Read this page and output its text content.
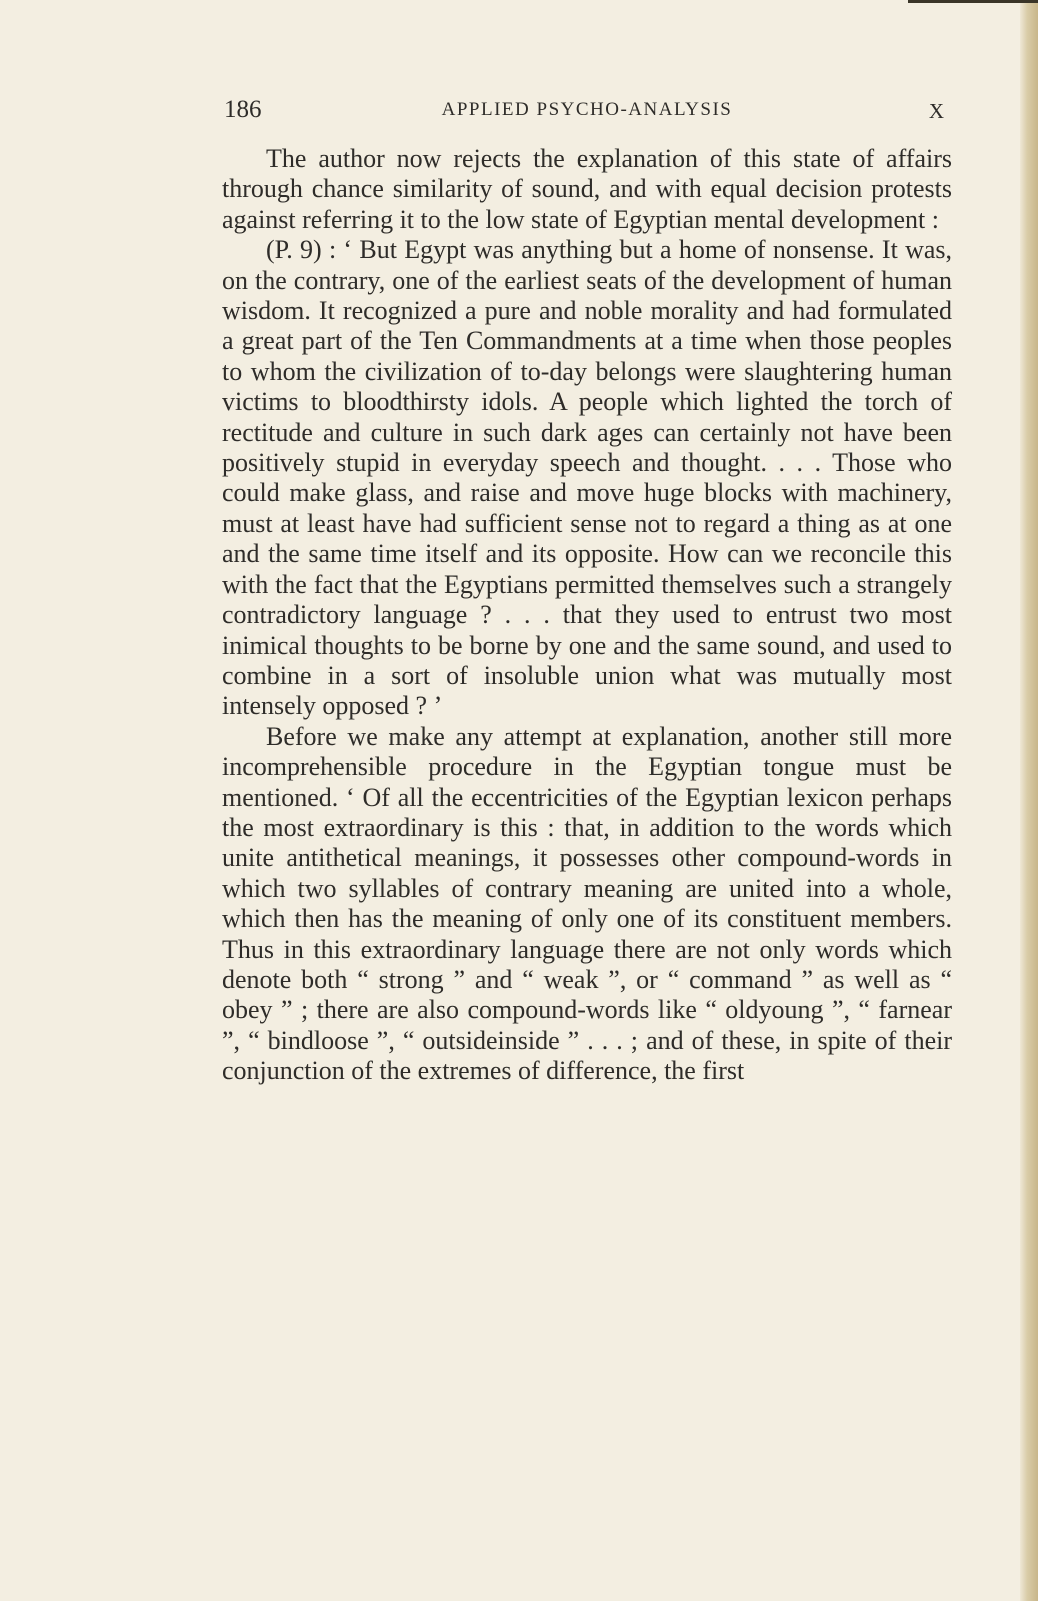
186	APPLIED PSYCHO-ANALYSIS	X

The author now rejects the explanation of this state of affairs through chance similarity of sound, and with equal decision protests against referring it to the low state of Egyptian mental development :

(P. 9) : ‘ But Egypt was anything but a home of nonsense. It was, on the contrary, one of the earliest seats of the development of human wisdom. It recognized a pure and noble morality and had formulated a great part of the Ten Commandments at a time when those peoples to whom the civilization of to-day belongs were slaughtering human victims to bloodthirsty idols. A people which lighted the torch of rectitude and culture in such dark ages can certainly not have been positively stupid in everyday speech and thought. . . . Those who could make glass, and raise and move huge blocks with machinery, must at least have had sufficient sense not to regard a thing as at one and the same time itself and its opposite. How can we reconcile this with the fact that the Egyptians permitted themselves such a strangely contradictory language ? . . . that they used to entrust two most inimical thoughts to be borne by one and the same sound, and used to combine in a sort of insoluble union what was mutually most intensely opposed ? ’

Before we make any attempt at explanation, another still more incomprehensible procedure in the Egyptian tongue must be mentioned. ‘ Of all the eccentricities of the Egyptian lexicon perhaps the most extraordinary is this : that, in addition to the words which unite antithetical meanings, it possesses other compound-words in which two syllables of contrary meaning are united into a whole, which then has the meaning of only one of its constituent members. Thus in this extraordinary language there are not only words which denote both “ strong ” and “ weak ”, or “ command ” as well as “ obey ” ; there are also compound-words like “ oldyoung ”, “ farnear ”, “ bindloose ”, “ outsideinside ” . . . ; and of these, in spite of their conjunction of the extremes of difference, the first
